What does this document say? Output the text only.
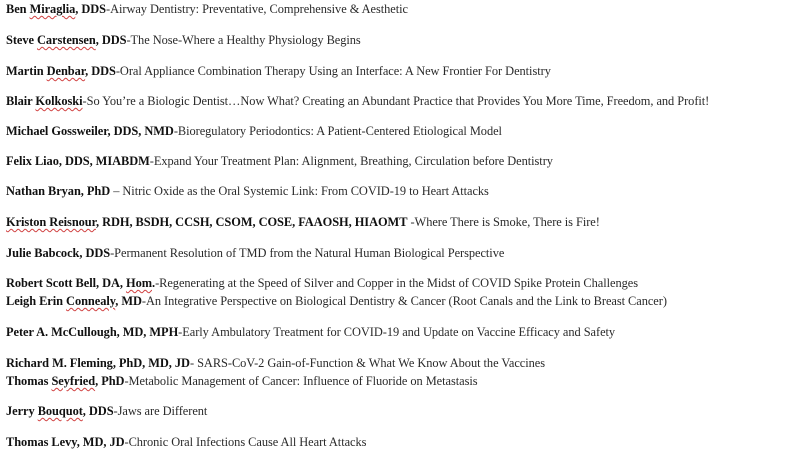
Ben Miraglia, DDS-Airway Dentistry: Preventative, Comprehensive & Aesthetic
Steve Carstensen, DDS-The Nose-Where a Healthy Physiology Begins
Martin Denbar, DDS-Oral Appliance Combination Therapy Using an Interface: A New Frontier For Dentistry
Blair Kolkoski-So You’re a Biologic Dentist…Now What? Creating an Abundant Practice that Provides You More Time, Freedom, and Profit!
Michael Gossweiler, DDS, NMD-Bioregulatory Periodontics: A Patient-Centered Etiological Model
Felix Liao, DDS, MIABDM-Expand Your Treatment Plan: Alignment, Breathing, Circulation before Dentistry
Nathan Bryan, PhD – Nitric Oxide as the Oral Systemic Link: From COVID-19 to Heart Attacks
Kriston Reisnour, RDH, BSDH, CCSH, CSOM, COSE, FAAOSH, HIAOMT -Where There is Smoke, There is Fire!
Julie Babcock, DDS-Permanent Resolution of TMD from the Natural Human Biological Perspective
Robert Scott Bell, DA, Hom.-Regenerating at the Speed of Silver and Copper in the Midst of COVID Spike Protein Challenges
Leigh Erin Connealy, MD-An Integrative Perspective on Biological Dentistry & Cancer (Root Canals and the Link to Breast Cancer)
Peter A. McCullough, MD, MPH-Early Ambulatory Treatment for COVID-19 and Update on Vaccine Efficacy and Safety
Richard M. Fleming, PhD, MD, JD- SARS-CoV-2 Gain-of-Function & What We Know About the Vaccines
Thomas Seyfried, PhD-Metabolic Management of Cancer: Influence of Fluoride on Metastasis
Jerry Bouquot, DDS-Jaws are Different
Thomas Levy, MD, JD-Chronic Oral Infections Cause All Heart Attacks
